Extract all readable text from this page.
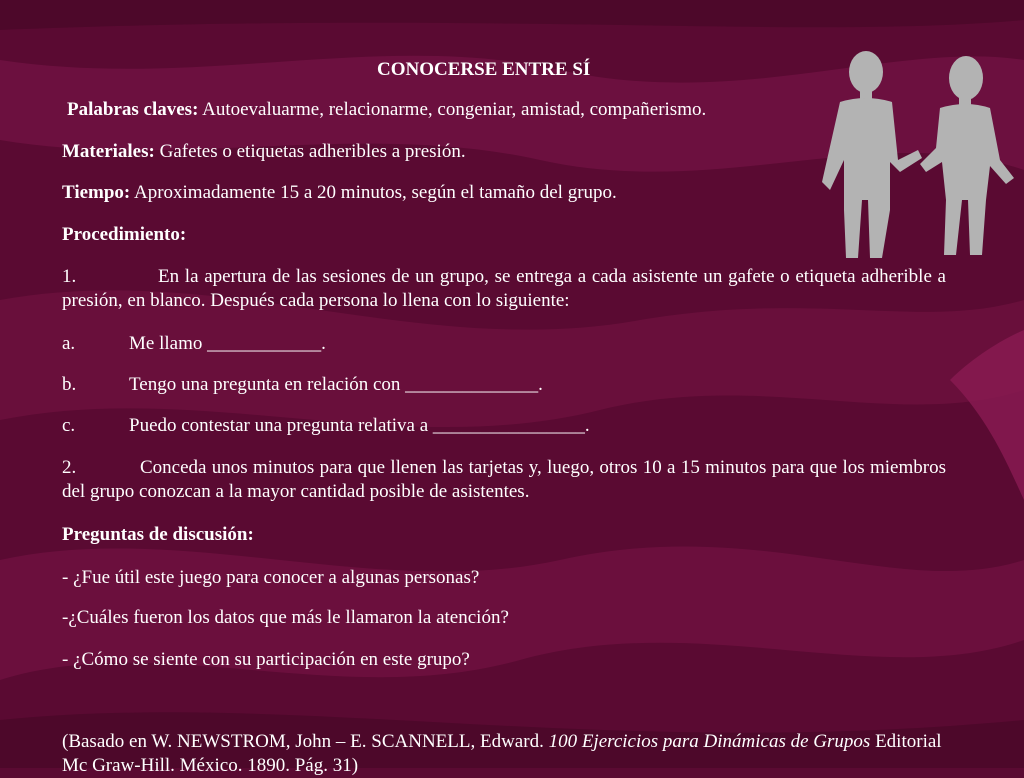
CONOCERSE ENTRE SÍ
Palabras claves: Autoevaluarme, relacionarme, congeniar, amistad, compañerismo.
Materiales: Gafetes o etiquetas adheribles a presión.
Tiempo: Aproximadamente 15 a 20 minutos, según el tamaño del grupo.
Procedimiento:
1.	En la apertura de las sesiones de un grupo, se entrega a cada asistente un gafete o etiqueta adherible a presión, en blanco. Después cada persona lo llena con lo siguiente:
a.	Me llamo ____________.
b.	Tengo una pregunta en relación con ______________.
c.	Puedo contestar una pregunta relativa a ________________.
2.	Conceda unos minutos para que llenen las tarjetas y, luego, otros 10 a 15 minutos para que los miembros del grupo conozcan a la mayor cantidad posible de asistentes.
Preguntas de discusión:
- ¿Fue útil este juego para conocer a algunas personas?
-¿Cuáles fueron los datos que más le llamaron la atención?
- ¿Cómo se siente con su participación en este grupo?
(Basado en W. NEWSTROM, John – E. SCANNELL, Edward. 100 Ejercicios para Dinámicas de Grupos Editorial Mc Graw-Hill. México. 1890. Pág. 31)
